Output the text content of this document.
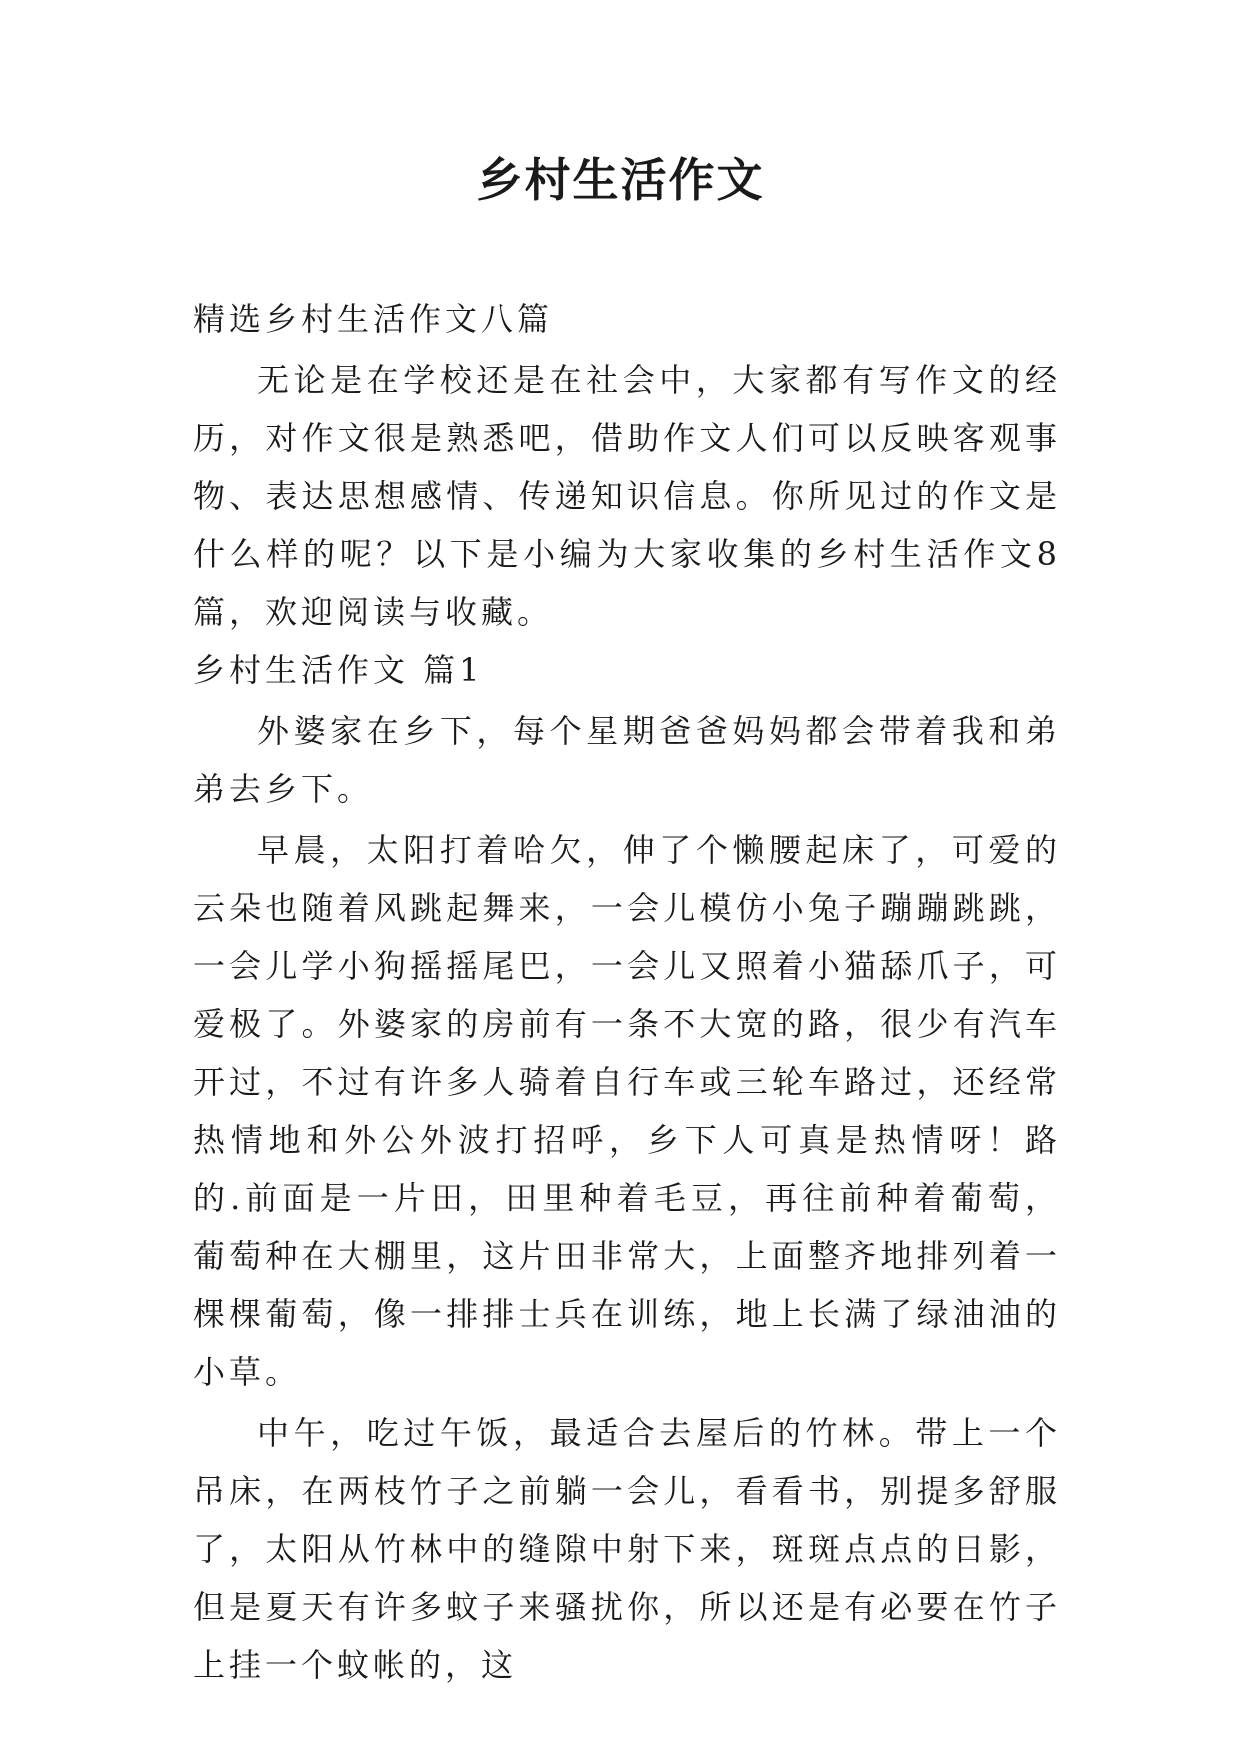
乡村生活作文

精选乡村生活作文八篇

无论是在学校还是在社会中，大家都有写作文的经历，对作文很是熟悉吧，借助作文人们可以反映客观事物、表达思想感情、传递知识信息。你所见过的作文是什么样的呢？以下是小编为大家收集的乡村生活作文8篇，欢迎阅读与收藏。

乡村生活作文 篇1

外婆家在乡下，每个星期爸爸妈妈都会带着我和弟弟去乡下。

早晨，太阳打着哈欠，伸了个懒腰起床了，可爱的云朵也随着风跳起舞来，一会儿模仿小兔子蹦蹦跳跳，一会儿学小狗摇摇尾巴，一会儿又照着小猫舔爪子，可爱极了。外婆家的房前有一条不大宽的路，很少有汽车开过，不过有许多人骑着自行车或三轮车路过，还经常热情地和外公外波打招呼，乡下人可真是热情呀！路的.前面是一片田，田里种着毛豆，再往前种着葡萄，葡萄种在大棚里，这片田非常大，上面整齐地排列着一棵棵葡萄，像一排排士兵在训练，地上长满了绿油油的小草。

中午，吃过午饭，最适合去屋后的竹林。带上一个吊床，在两枝竹子之前躺一会儿，看看书，别提多舒服了，太阳从竹林中的缝隙中射下来，斑斑点点的日影，但是夏天有许多蚊子来骚扰你，所以还是有必要在竹子上挂一个蚊帐的，这
